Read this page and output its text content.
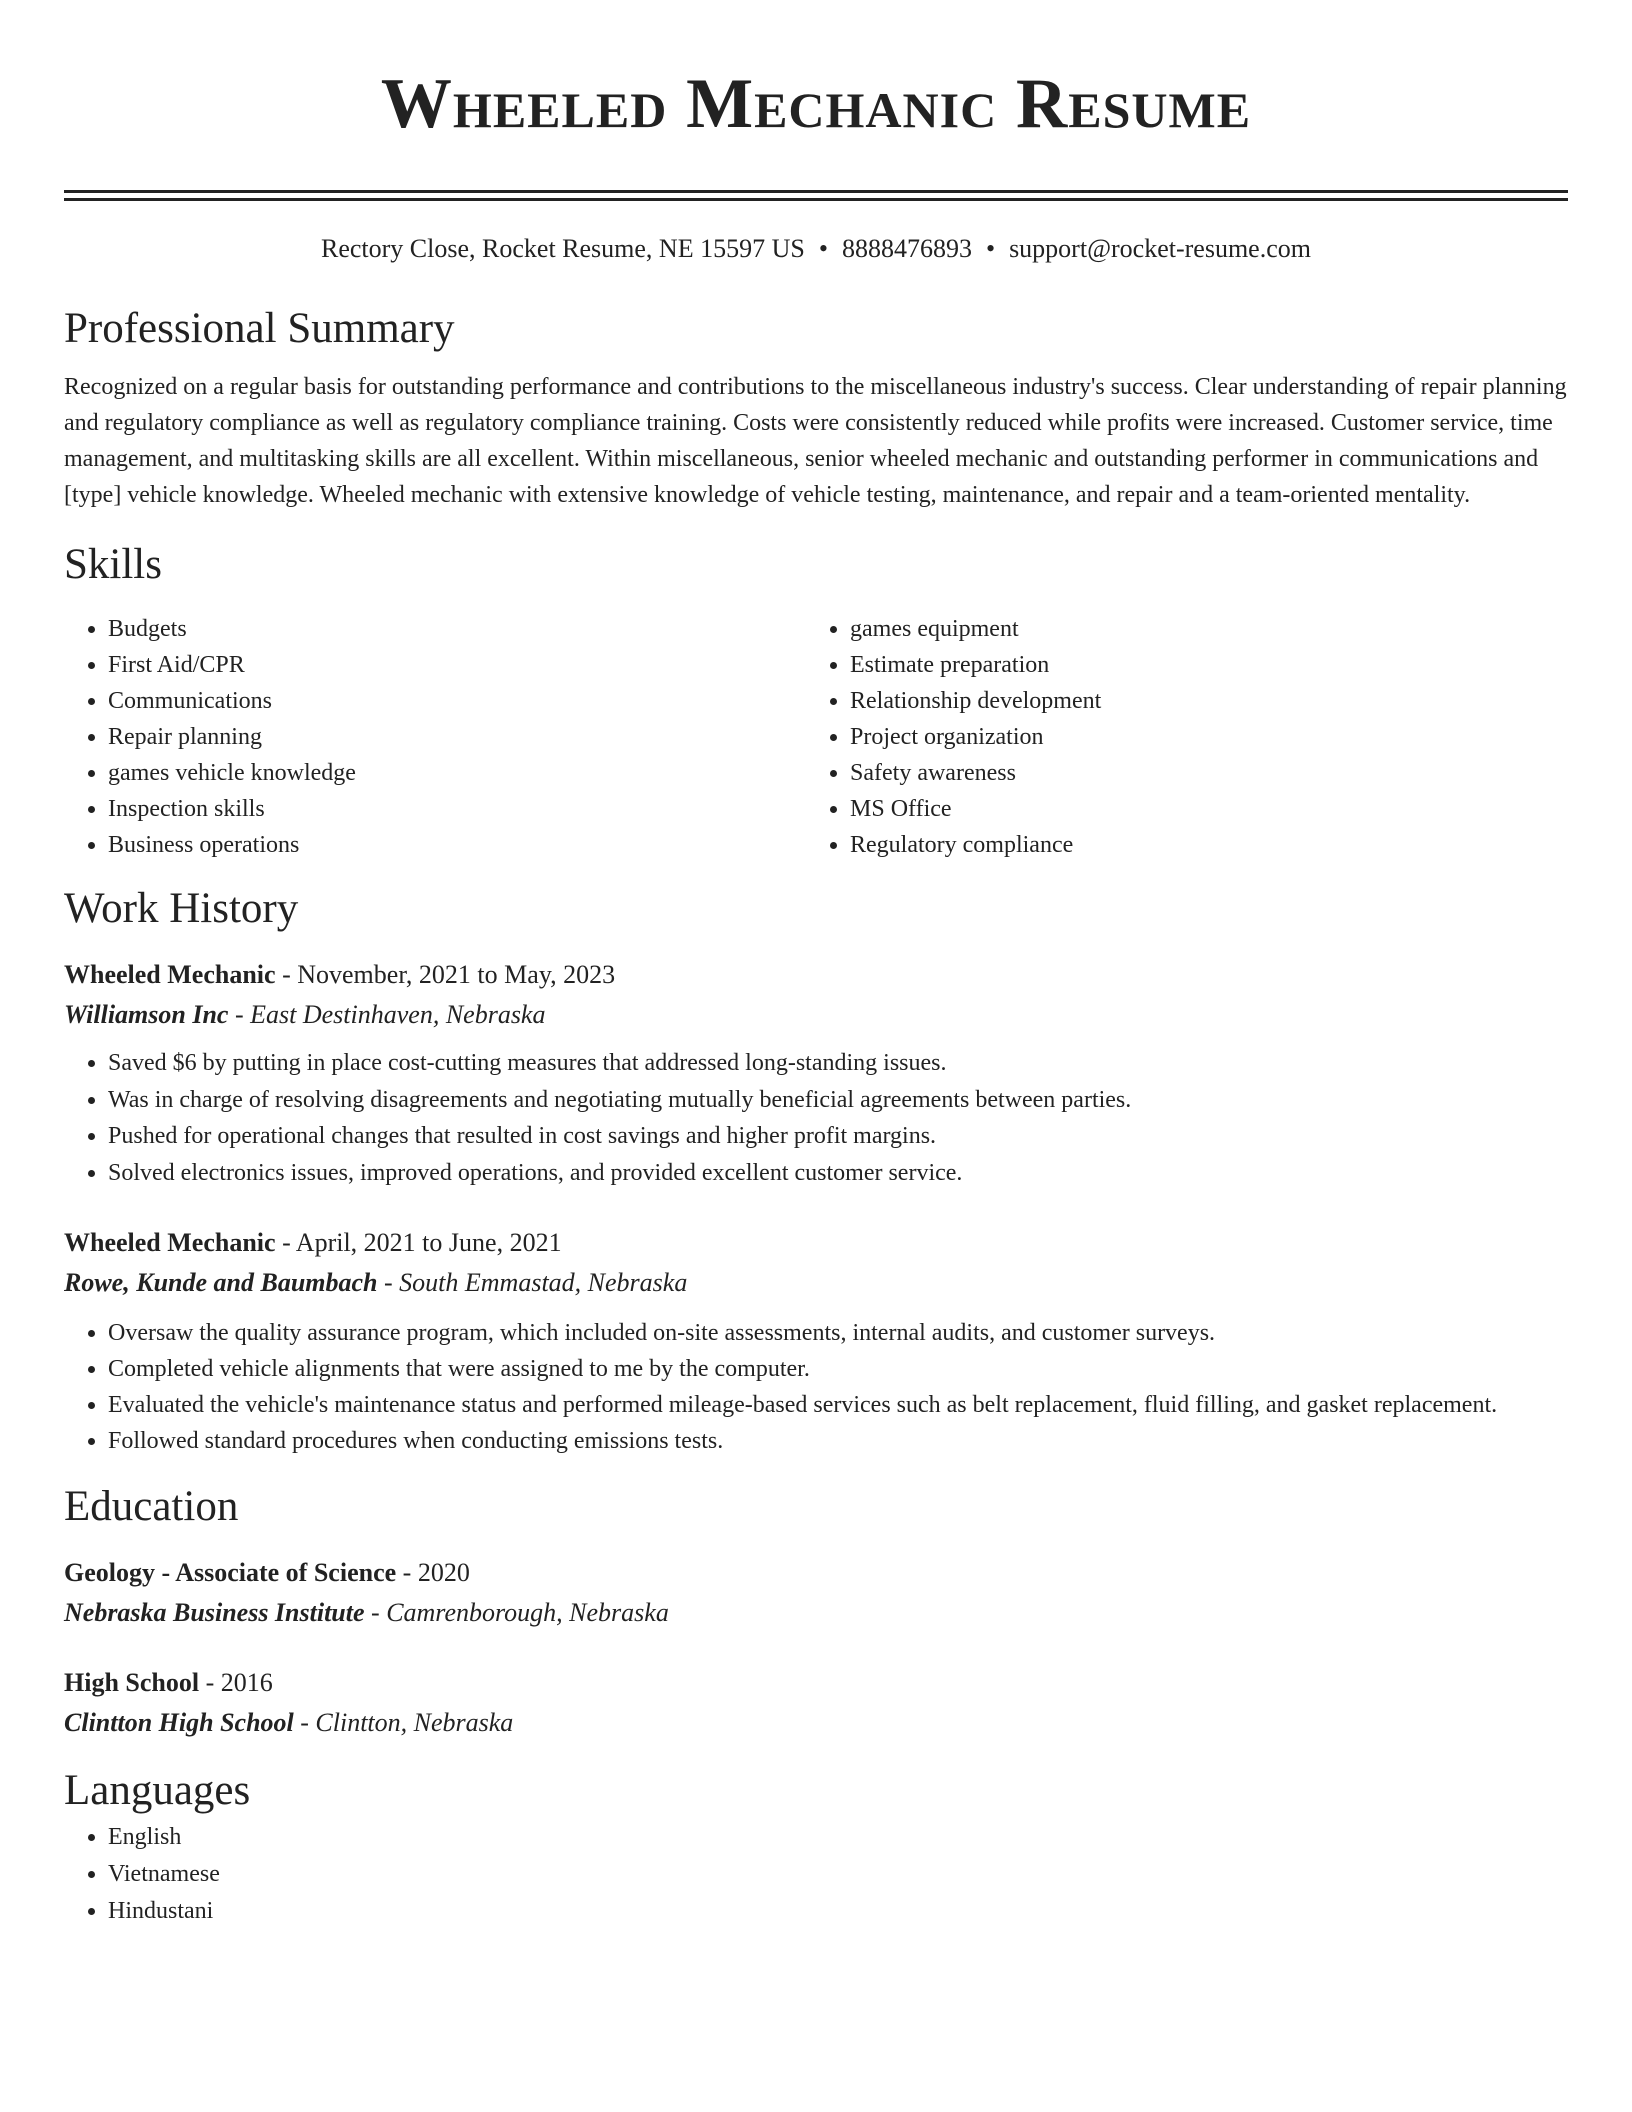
Wheeled Mechanic Resume
Rectory Close, Rocket Resume, NE 15597 US • 8888476893 • support@rocket-resume.com
Professional Summary
Recognized on a regular basis for outstanding performance and contributions to the miscellaneous industry's success. Clear understanding of repair planning and regulatory compliance as well as regulatory compliance training. Costs were consistently reduced while profits were increased. Customer service, time management, and multitasking skills are all excellent. Within miscellaneous, senior wheeled mechanic and outstanding performer in communications and [type] vehicle knowledge. Wheeled mechanic with extensive knowledge of vehicle testing, maintenance, and repair and a team-oriented mentality.
Skills
• Budgets
• First Aid/CPR
• Communications
• Repair planning
• games vehicle knowledge
• Inspection skills
• Business operations
• games equipment
• Estimate preparation
• Relationship development
• Project organization
• Safety awareness
• MS Office
• Regulatory compliance
Work History
Wheeled Mechanic - November, 2021 to May, 2023
Williamson Inc - East Destinhaven, Nebraska
• Saved $6 by putting in place cost-cutting measures that addressed long-standing issues.
• Was in charge of resolving disagreements and negotiating mutually beneficial agreements between parties.
• Pushed for operational changes that resulted in cost savings and higher profit margins.
• Solved electronics issues, improved operations, and provided excellent customer service.
Wheeled Mechanic - April, 2021 to June, 2021
Rowe, Kunde and Baumbach - South Emmastad, Nebraska
• Oversaw the quality assurance program, which included on-site assessments, internal audits, and customer surveys.
• Completed vehicle alignments that were assigned to me by the computer.
• Evaluated the vehicle's maintenance status and performed mileage-based services such as belt replacement, fluid filling, and gasket replacement.
• Followed standard procedures when conducting emissions tests.
Education
Geology - Associate of Science - 2020
Nebraska Business Institute - Camrenborough, Nebraska
High School - 2016
Clintton High School - Clintton, Nebraska
Languages
• English
• Vietnamese
• Hindustani
